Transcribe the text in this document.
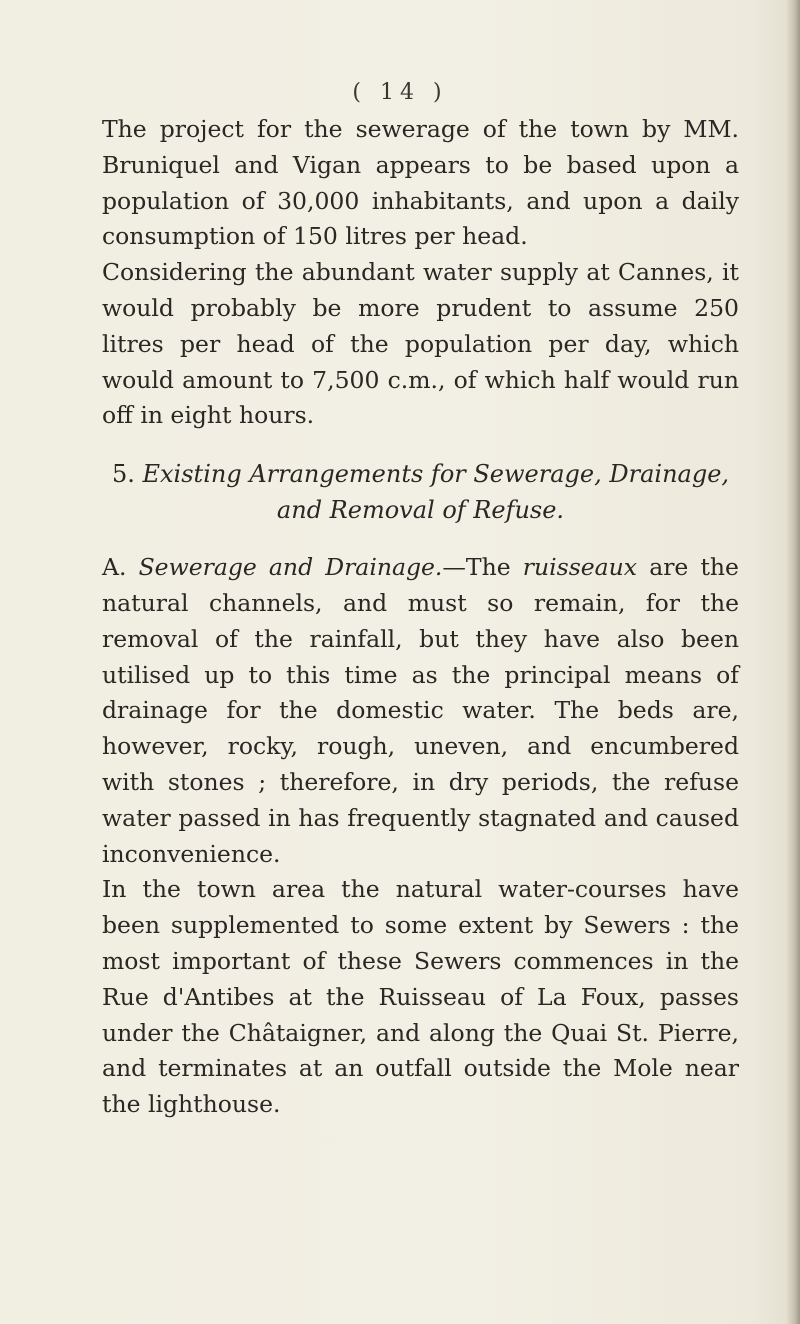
( 14 )

The project for the sewerage of the town by MM. Bruniquel and Vigan appears to be based upon a population of 30,000 inhabitants, and upon a daily consumption of 150 litres per head.

Considering the abundant water supply at Cannes, it would probably be more prudent to assume 250 litres per head of the population per day, which would amount to 7,500 c.m., of which half would run off in eight hours.

5. Existing Arrangements for Sewerage, Drainage,
and Removal of Refuse.

A. Sewerage and Drainage.—The ruisseaux are the natural channels, and must so remain, for the removal of the rainfall, but they have also been utilised up to this time as the principal means of drainage for the domestic water. The beds are, however, rocky, rough, uneven, and encumbered with stones ; therefore, in dry periods, the refuse water passed in has frequently stagnated and caused inconvenience.

In the town area the natural water-courses have been supplemented to some extent by Sewers : the most important of these Sewers commences in the Rue d'Antibes at the Ruisseau of La Foux, passes under the Châtaigner, and along the Quai St. Pierre, and terminates at an outfall outside the Mole near the lighthouse.
